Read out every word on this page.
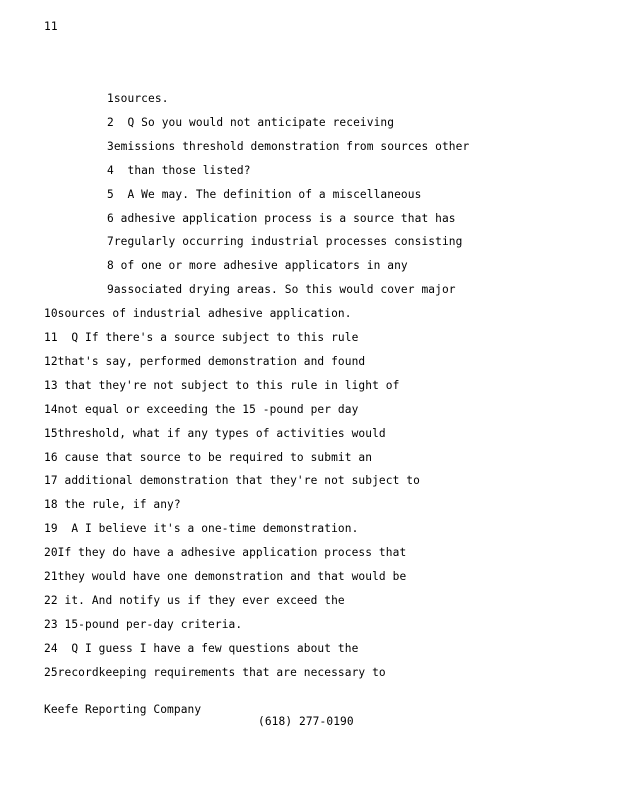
11
1sources.
2  Q So you would not anticipate receiving
3emissions threshold demonstration from sources other
4  than those listed?
5  A We may. The definition of a miscellaneous
6 adhesive application process is a source that has
7regularly occurring industrial processes consisting
8 of one or more adhesive applicators in any
9associated drying areas. So this would cover major
10sources of industrial adhesive application.
11  Q If there's a source subject to this rule
12that's say, performed demonstration and found
13 that they're not subject to this rule in light of
14not equal or exceeding the 15 -pound per day
15threshold, what if any types of activities would
16 cause that source to be required to submit an
17 additional demonstration that they're not subject to
18 the rule, if any?
19  A I believe it's a one-time demonstration.
20If they do have a adhesive application process that
21they would have one demonstration and that would be
22 it. And notify us if they ever exceed the
23 15-pound per-day criteria.
24  Q I guess I have a few questions about the
25recordkeeping requirements that are necessary to
Keefe Reporting Company
(618) 277-0190
